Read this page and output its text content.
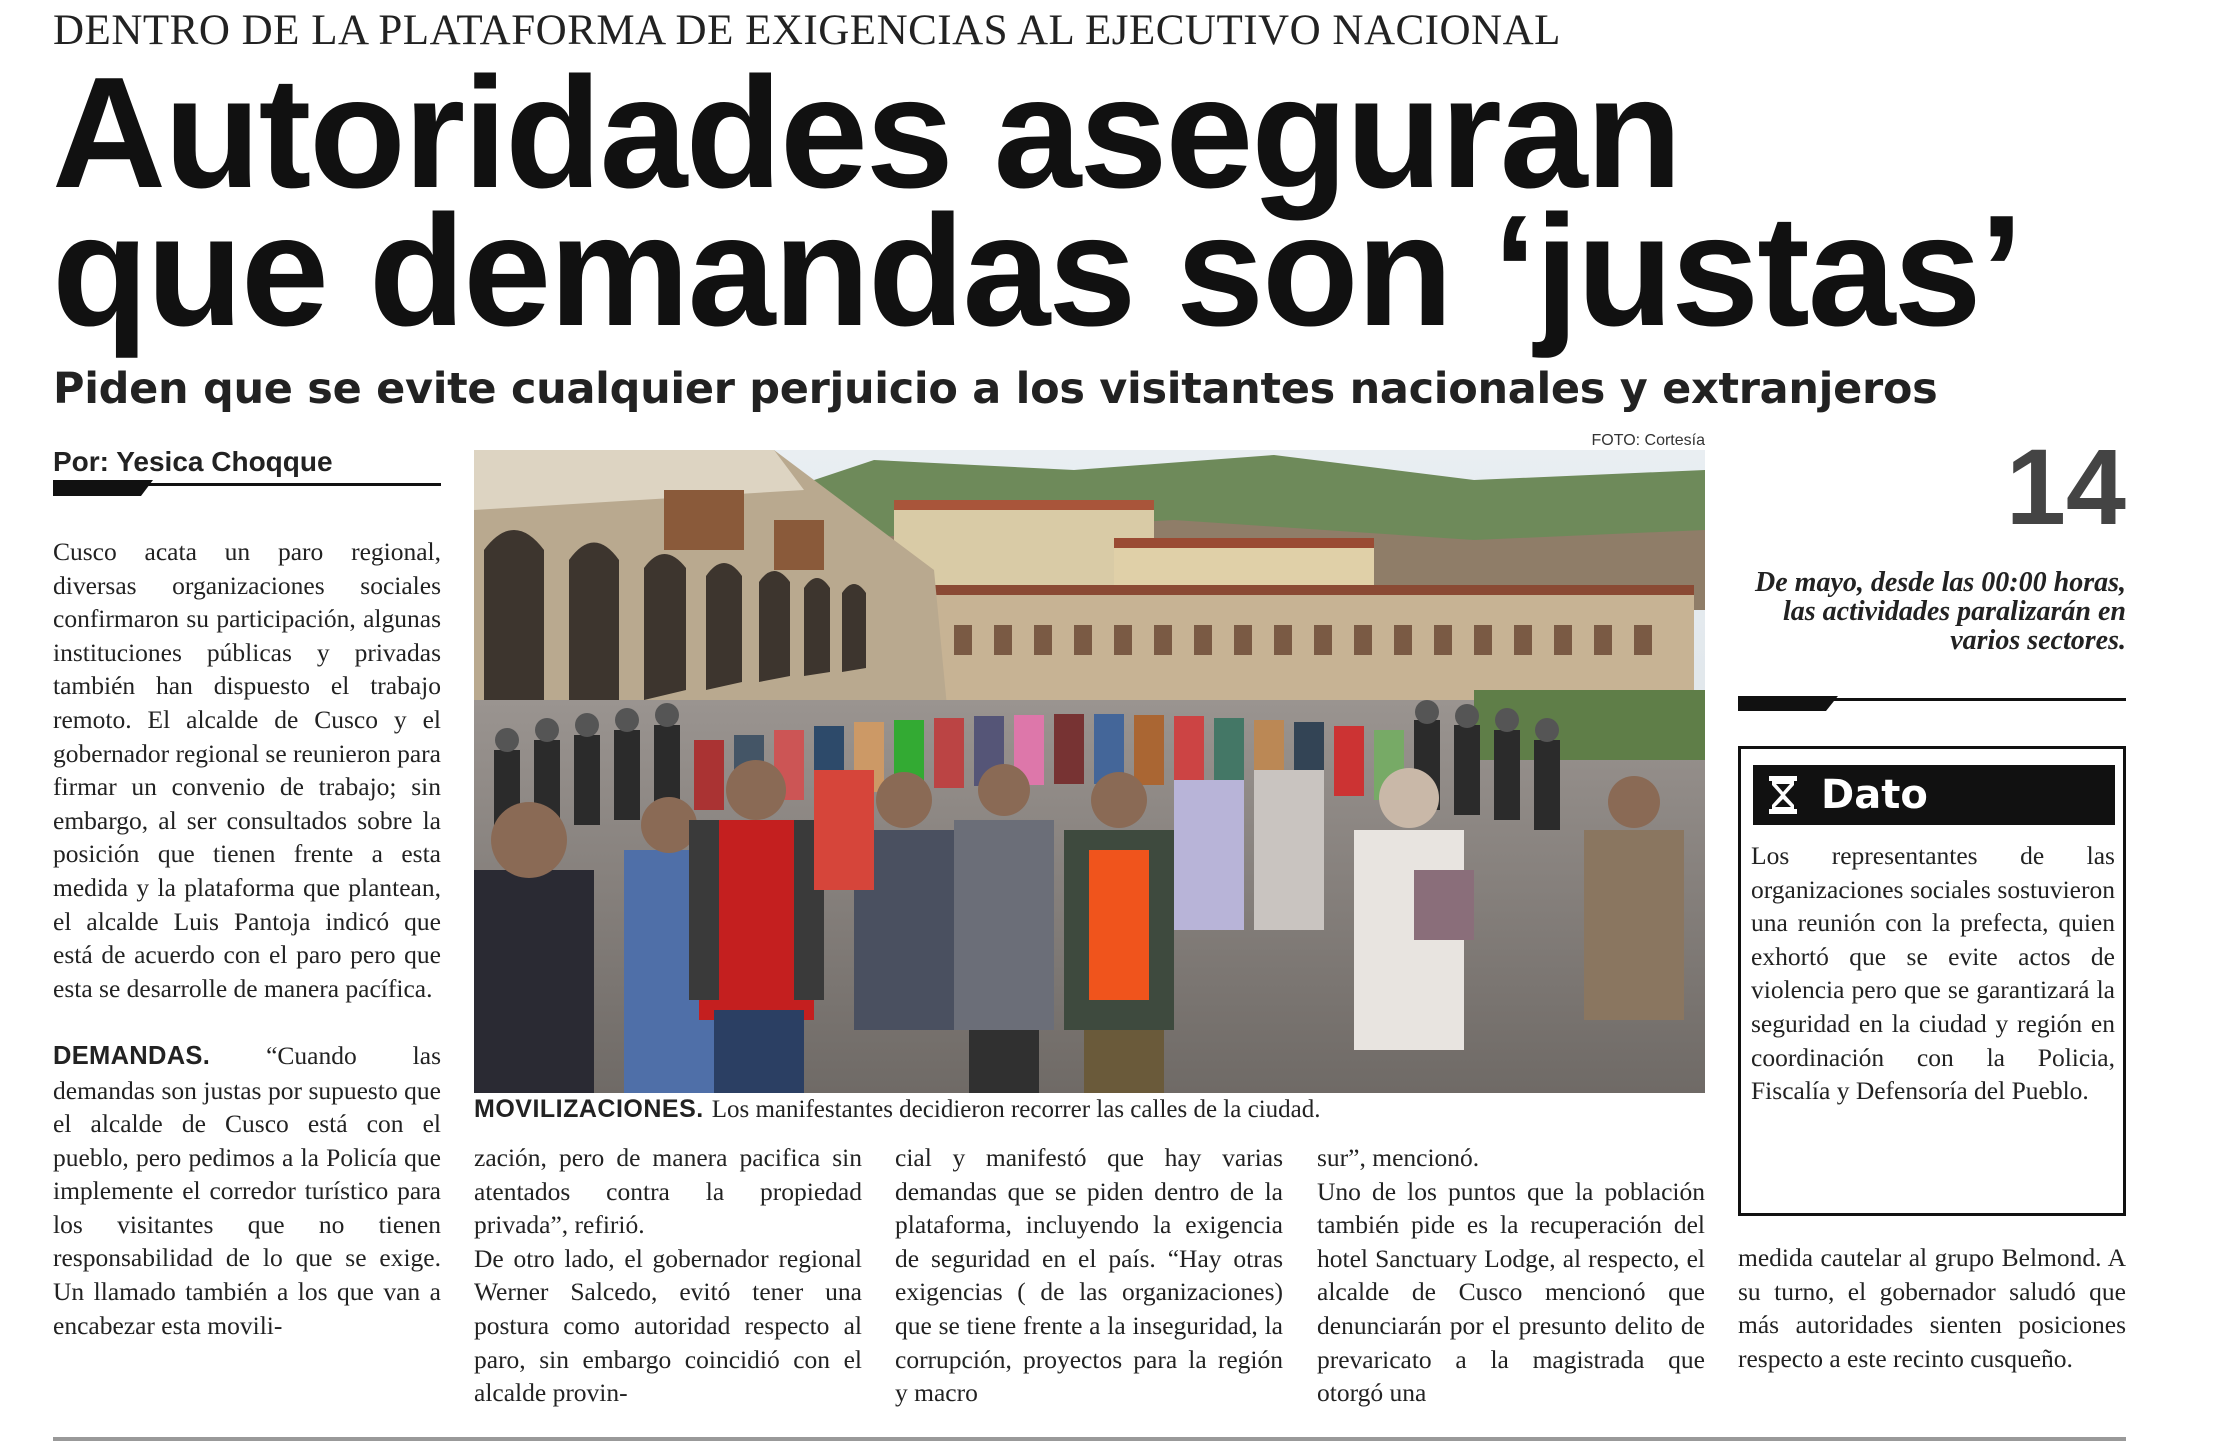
DENTRO DE LA PLATAFORMA DE EXIGENCIAS AL EJECUTIVO NACIONAL
Autoridades aseguran
que demandas son ‘justas’
Piden que se evite cualquier perjuicio a los visitantes nacionales y extranjeros
FOTO: Cortesía
Por: Yesica Choqque

Cusco acata un paro regional, diversas organizaciones sociales confirmaron su participación, algunas instituciones públicas y privadas también han dispuesto el trabajo remoto. El alcalde de Cusco y el gobernador regional se reunieron para firmar un convenio de trabajo; sin embargo, al ser consultados sobre la posición que tienen frente a esta medida y la plataforma que plantean, el alcalde Luis Pantoja indicó que está de acuerdo con el paro pero que esta se desarrolle de manera pacífica.

DEMANDAS. “Cuando las demandas son justas por supuesto que el alcalde de Cusco está con el pueblo, pero pedimos a la Policía que implemente el corredor turístico para los visitantes que no tienen responsabilidad de lo que se exige. Un llamado también a los que van a encabezar esta movili-

MOVILIZACIONES. Los manifestantes decidieron recorrer las calles de la ciudad.
14
De mayo, desde las 00:00 horas, las actividades paralizarán en varios sectores.
Dato
Los representantes de las organizaciones sociales sostuvieron una reunión con la prefecta, quien exhortó que se evite actos de violencia pero que se garantizará la seguridad en la ciudad y región en coordinación con la Policia, Fiscalía y Defensoría del Pueblo.
zación, pero de manera pacifica sin atentados contra la propiedad privada”, refirió.
De otro lado, el gobernador regional Werner Salcedo, evitó tener una postura como autoridad respecto al paro, sin embargo coincidió con el alcalde provin-
cial y manifestó que hay varias demandas que se piden dentro de la plataforma, incluyendo la exigencia de seguridad en el país. “Hay otras exigencias ( de las organizaciones) que se tiene frente a la inseguridad, la corrupción, proyectos para la región y macro
sur”, mencionó.
Uno de los puntos que la población también pide es la recuperación del hotel Sanctuary Lodge, al respecto, el alcalde de Cusco mencionó que denunciarán por el presunto delito de prevaricato a la magistrada que otorgó una
medida cautelar al grupo Belmond. A su turno, el gobernador saludó que más autoridades sienten posiciones respecto a este recinto cusqueño.
